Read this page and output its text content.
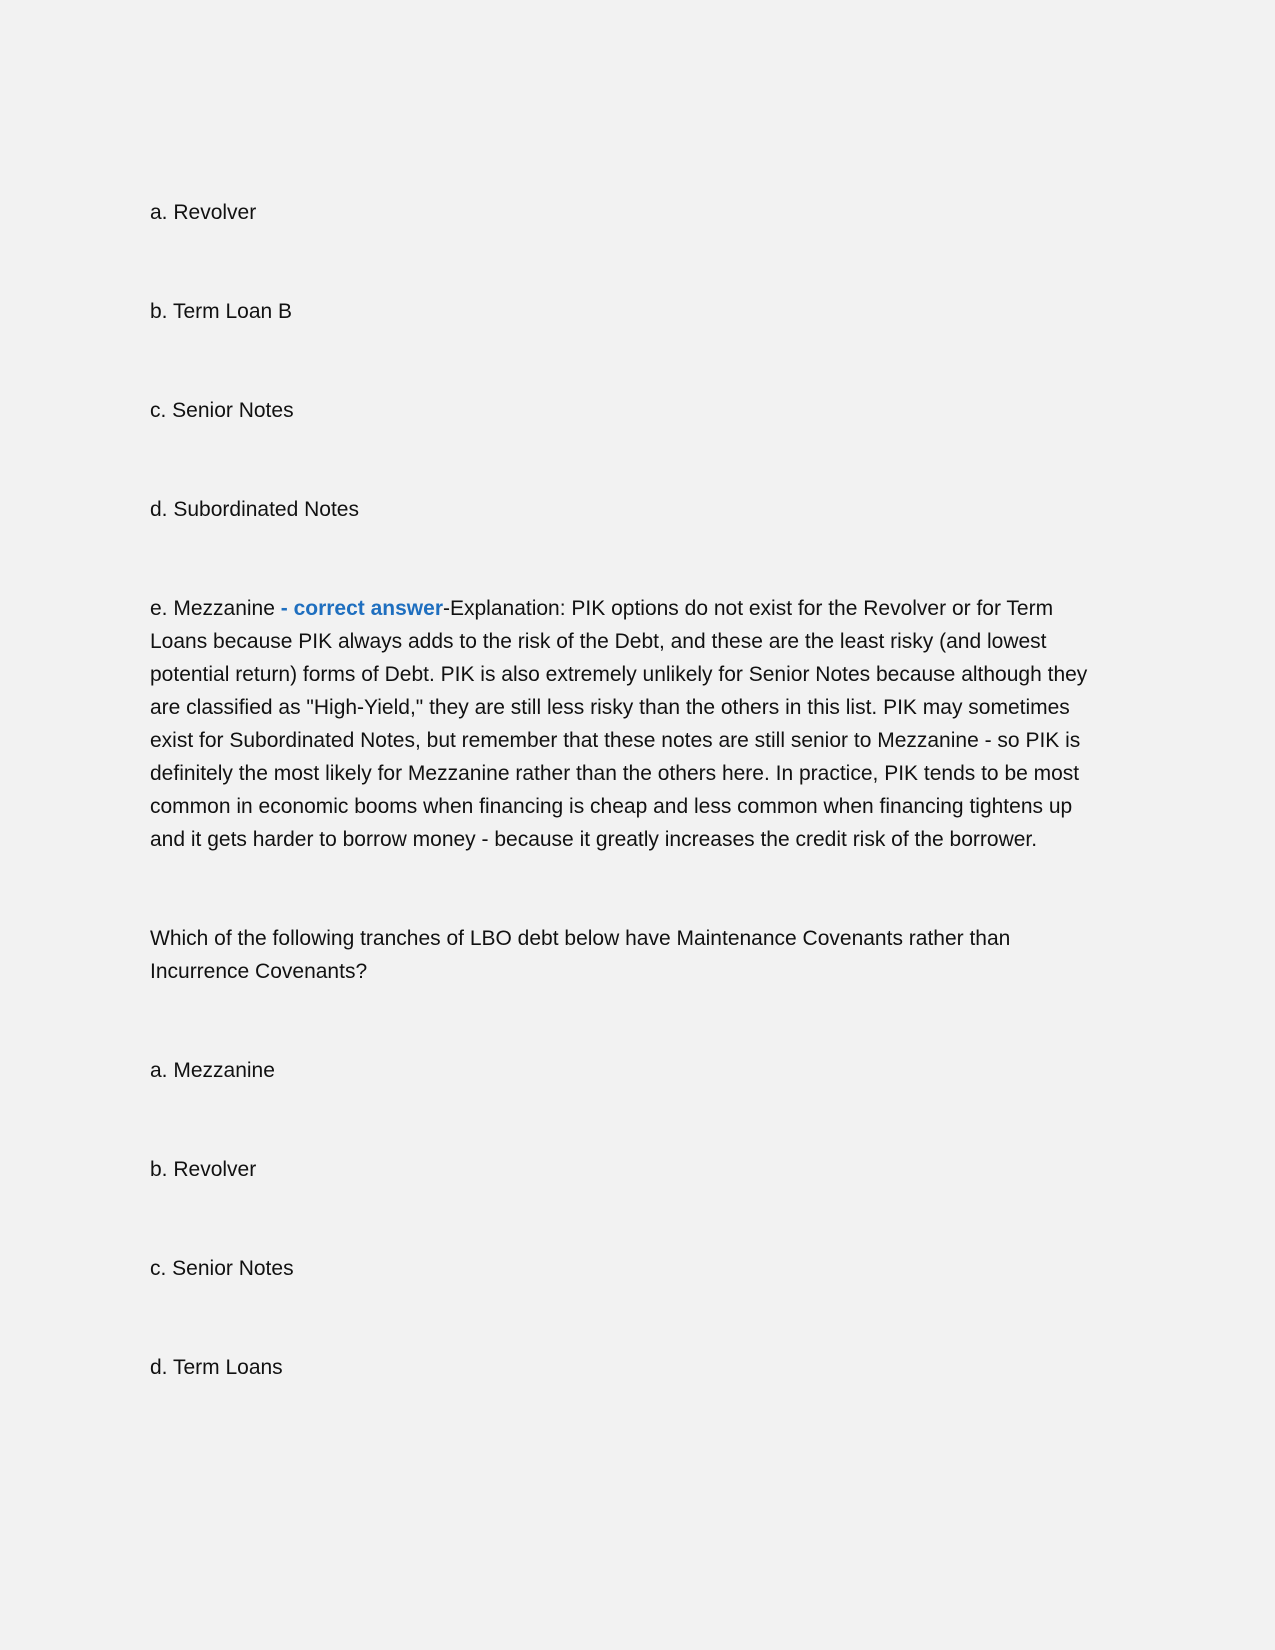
a. Revolver

b. Term Loan B

c. Senior Notes

d. Subordinated Notes

e. Mezzanine - correct answer-Explanation: PIK options do not exist for the Revolver or for Term Loans because PIK always adds to the risk of the Debt, and these are the least risky (and lowest potential return) forms of Debt. PIK is also extremely unlikely for Senior Notes because although they are classified as "High-Yield," they are still less risky than the others in this list. PIK may sometimes exist for Subordinated Notes, but remember that these notes are still senior to Mezzanine - so PIK is definitely the most likely for Mezzanine rather than the others here. In practice, PIK tends to be most common in economic booms when financing is cheap and less common when financing tightens up and it gets harder to borrow money - because it greatly increases the credit risk of the borrower.

Which of the following tranches of LBO debt below have Maintenance Covenants rather than Incurrence Covenants?

a. Mezzanine

b. Revolver

c. Senior Notes

d. Term Loans
